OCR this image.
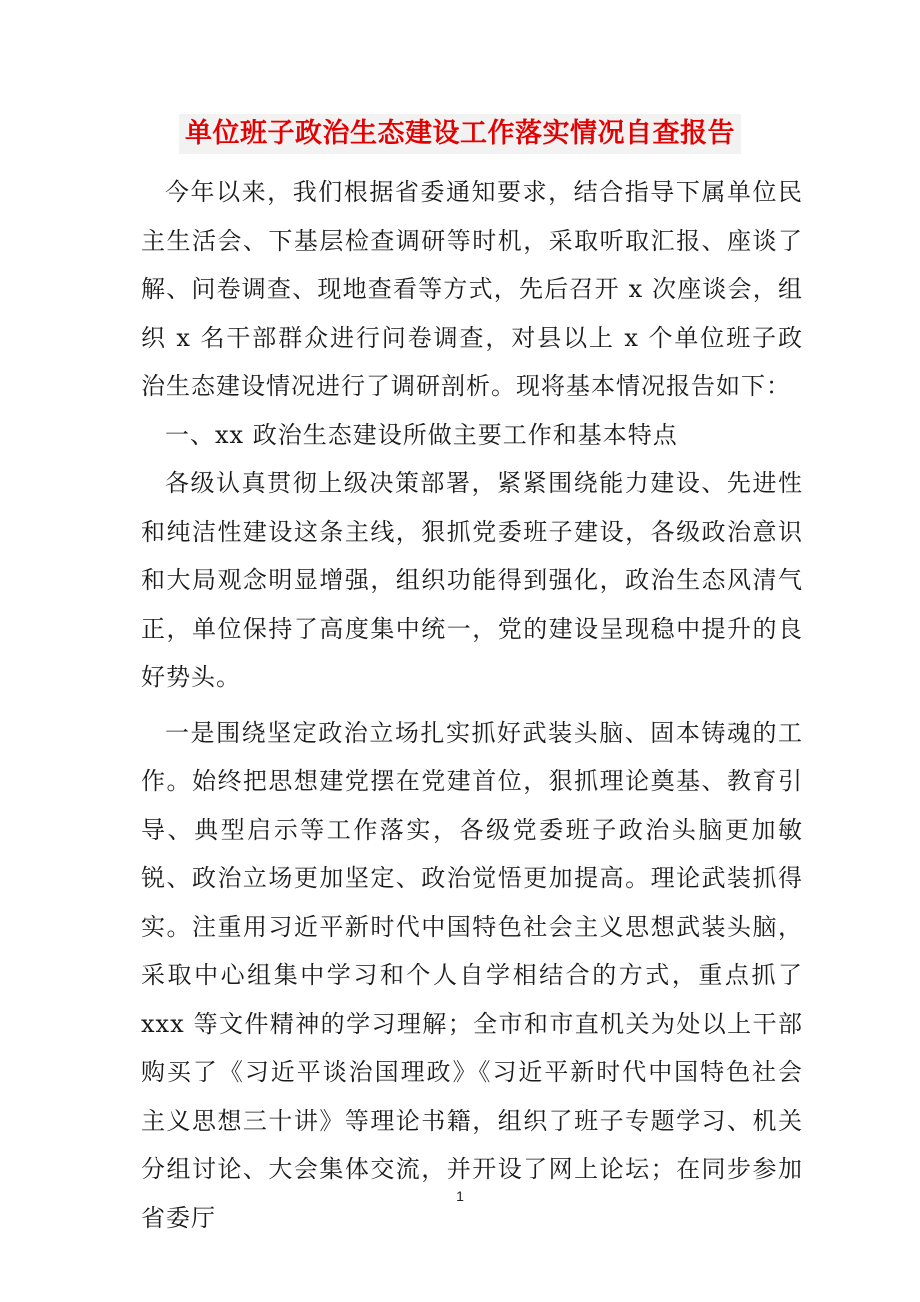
单位班子政治生态建设工作落实情况自查报告

今年以来，我们根据省委通知要求，结合指导下属单位民主生活会、下基层检查调研等时机，采取听取汇报、座谈了解、问卷调查、现地查看等方式，先后召开 x 次座谈会，组织 x 名干部群众进行问卷调查，对县以上 x 个单位班子政治生态建设情况进行了调研剖析。现将基本情况报告如下：

一、xx 政治生态建设所做主要工作和基本特点

各级认真贯彻上级决策部署，紧紧围绕能力建设、先进性和纯洁性建设这条主线，狠抓党委班子建设，各级政治意识和大局观念明显增强，组织功能得到强化，政治生态风清气正，单位保持了高度集中统一，党的建设呈现稳中提升的良好势头。

一是围绕坚定政治立场扎实抓好武装头脑、固本铸魂的工作。始终把思想建党摆在党建首位，狠抓理论奠基、教育引导、典型启示等工作落实，各级党委班子政治头脑更加敏锐、政治立场更加坚定、政治觉悟更加提高。理论武装抓得实。注重用习近平新时代中国特色社会主义思想武装头脑，采取中心组集中学习和个人自学相结合的方式，重点抓了 xxx 等文件精神的学习理解；全市和市直机关为处以上干部购买了《习近平谈治国理政》《习近平新时代中国特色社会主义思想三十讲》等理论书籍，组织了班子专题学习、机关分组讨论、大会集体交流，并开设了网上论坛；在同步参加省委厅

1
